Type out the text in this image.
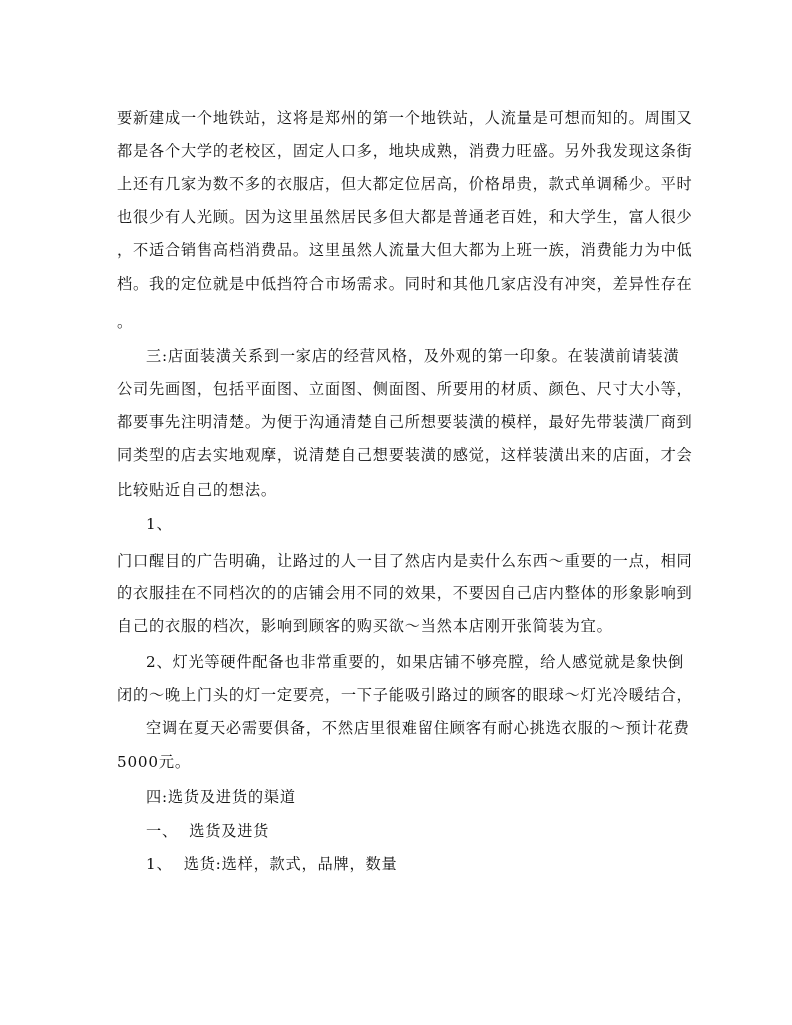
要新建成一个地铁站，这将是郑州的第一个地铁站，人流量是可想而知的。周围又
都是各个大学的老校区，固定人口多，地块成熟，消费力旺盛。另外我发现这条街
上还有几家为数不多的衣服店，但大都定位居高，价格昂贵，款式单调稀少。平时
也很少有人光顾。因为这里虽然居民多但大都是普通老百姓，和大学生，富人很少
，不适合销售高档消费品。这里虽然人流量大但大都为上班一族，消费能力为中低
档。我的定位就是中低挡符合市场需求。同时和其他几家店没有冲突，差异性存在
。
三:店面装潢关系到一家店的经营风格，及外观的第一印象。在装潢前请装潢
公司先画图，包括平面图、立面图、侧面图、所要用的材质、颜色、尺寸大小等，
都要事先注明清楚。为便于沟通清楚自己所想要装潢的模样，最好先带装潢厂商到
同类型的店去实地观摩，说清楚自己想要装潢的感觉，这样装潢出来的店面，才会
比较贴近自己的想法。
1、
门口醒目的广告明确，让路过的人一目了然店内是卖什么东西～重要的一点，相同
的衣服挂在不同档次的的店铺会用不同的效果，不要因自己店内整体的形象影响到
自己的衣服的档次，影响到顾客的购买欲～当然本店刚开张简装为宜。
2、灯光等硬件配备也非常重要的，如果店铺不够亮膛，给人感觉就是象快倒
闭的～晚上门头的灯一定要亮，一下子能吸引路过的顾客的眼球～灯光冷暖结合，
空调在夏天必需要俱备，不然店里很难留住顾客有耐心挑选衣服的～预计花费
5000元。
四:选货及进货的渠道
一、  选货及进货
1、  选货:选样，款式，品牌，数量
